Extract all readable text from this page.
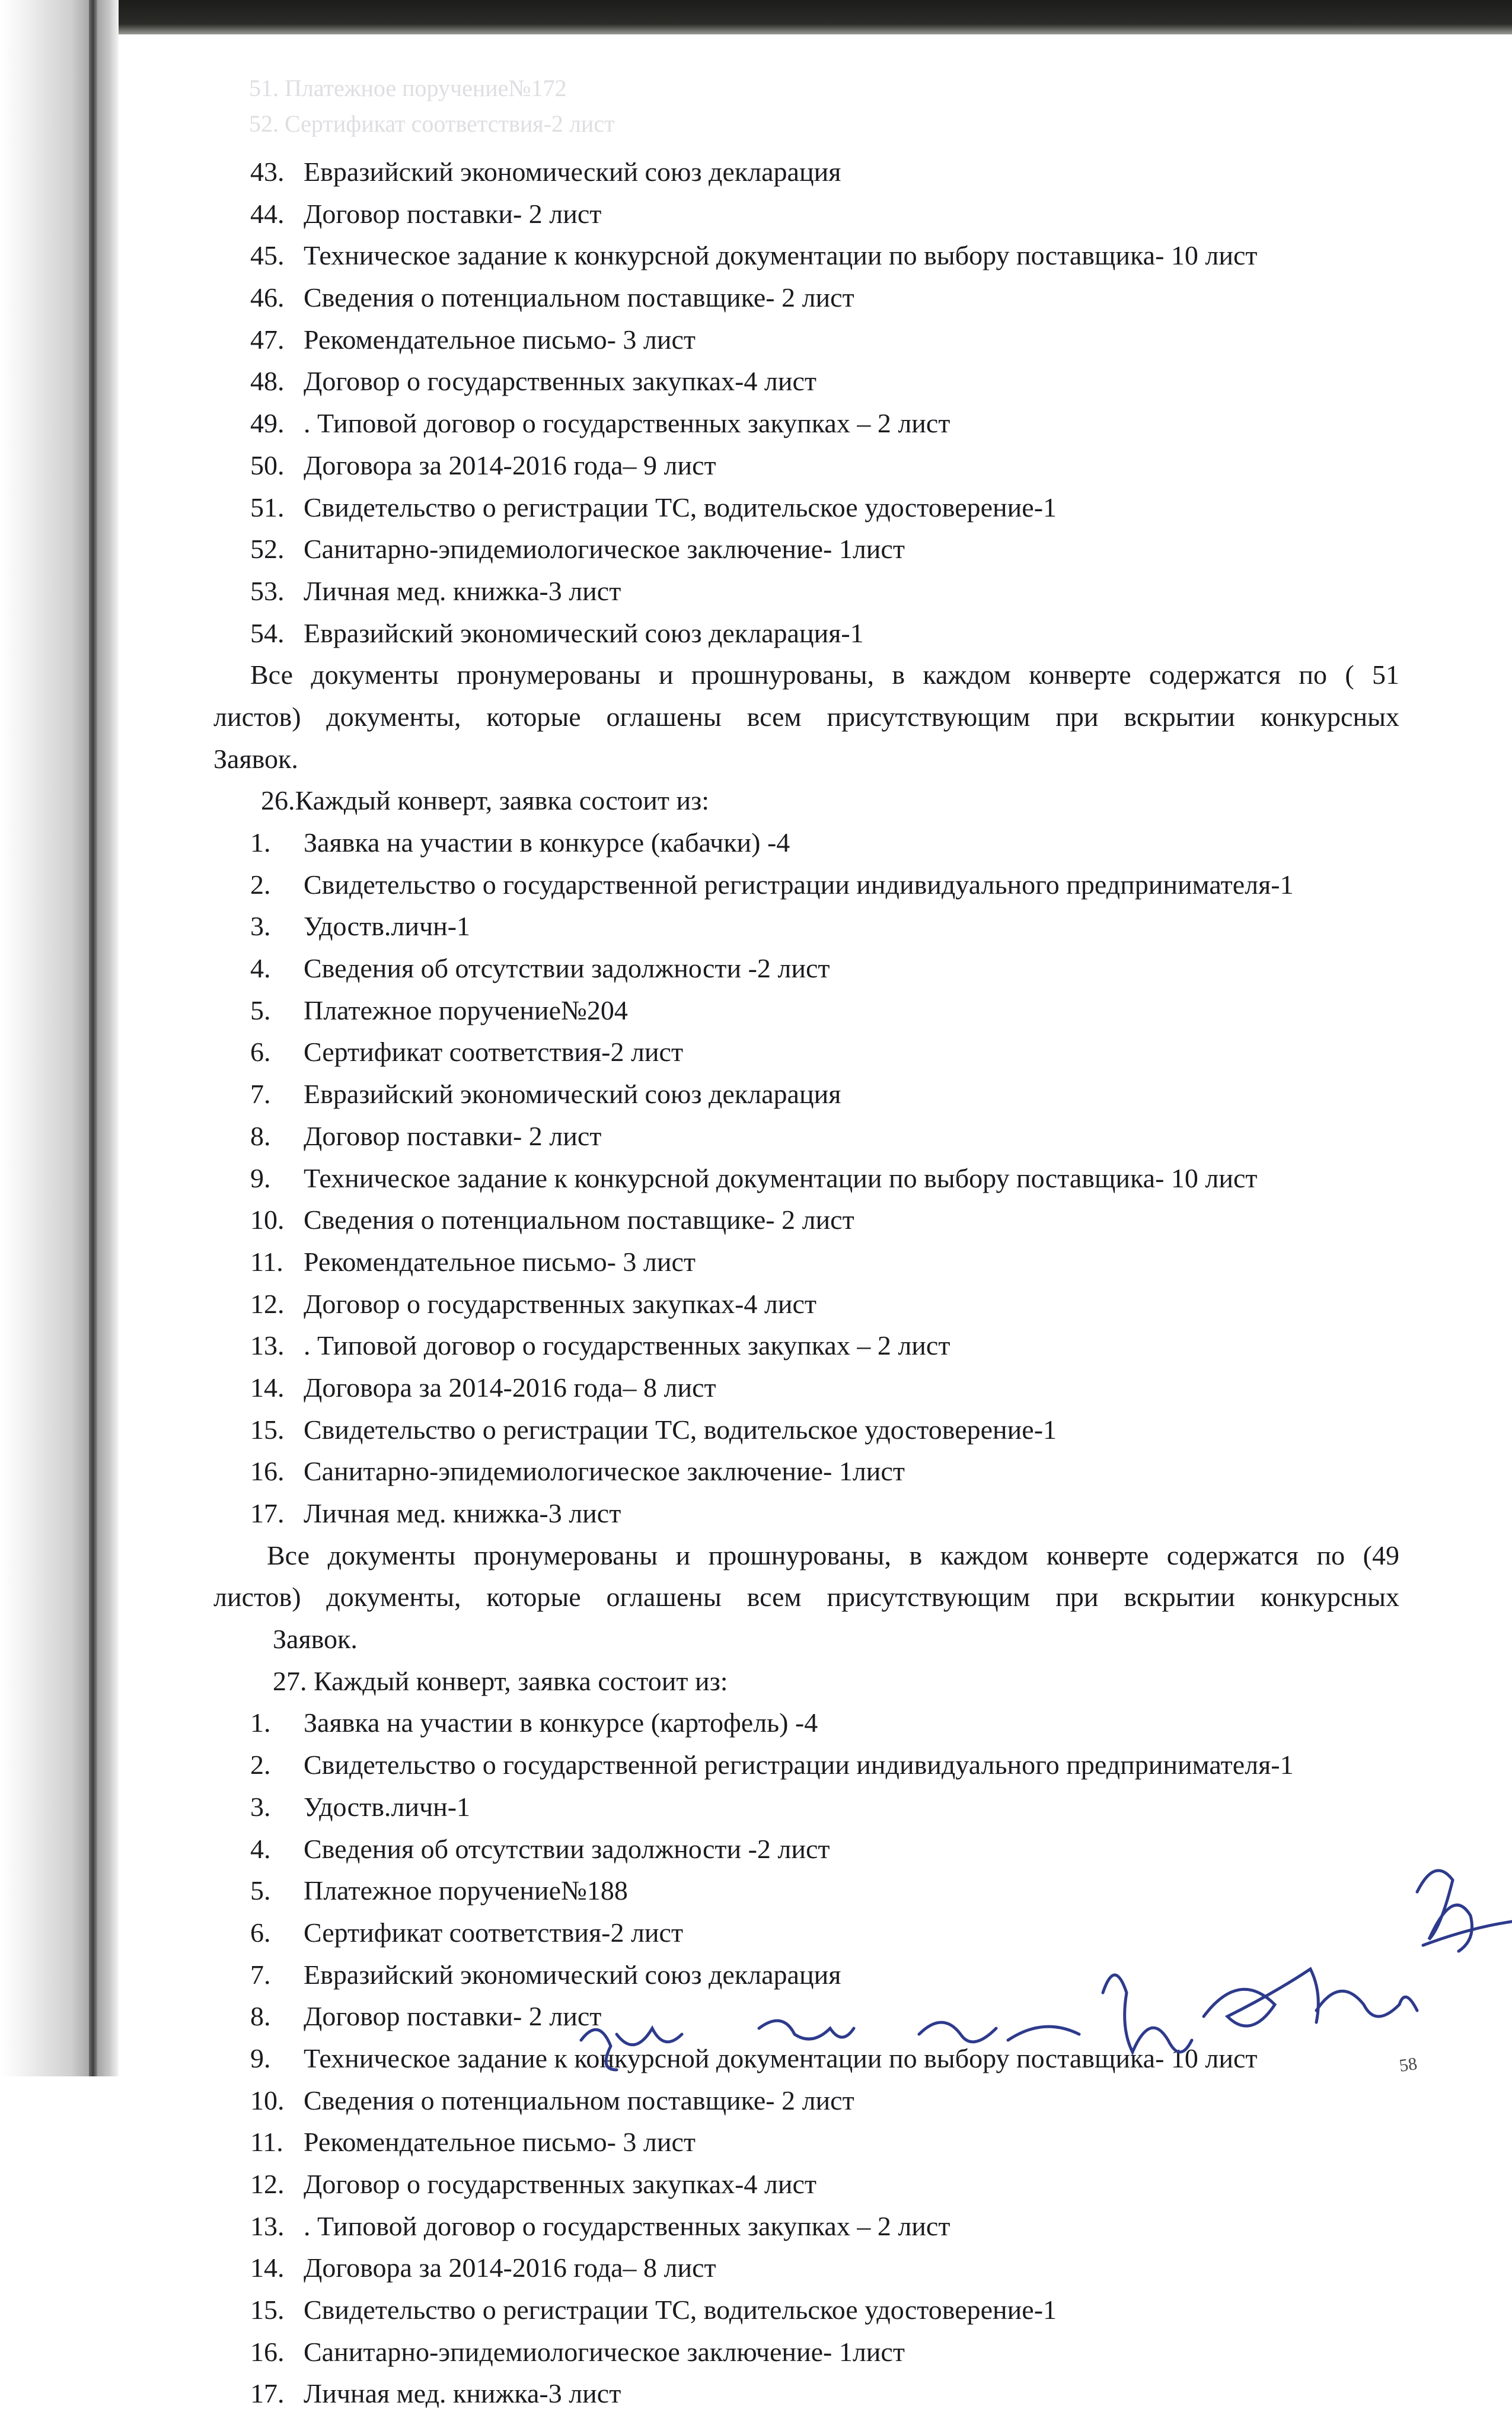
51. Платежное поручение№172
52. Сертификат соответствия-2 лист
43. Евразийский экономический союз декларация
44. Договор поставки- 2 лист
45. Техническое задание к конкурсной документации по выбору поставщика- 10 лист
46. Сведения о потенциальном поставщике- 2 лист
47. Рекомендательное письмо- 3 лист
48. Договор о государственных закупках-4 лист
49. . Типовой договор о государственных закупках – 2 лист
50. Договора за 2014-2016 года– 9 лист
51. Свидетельство о регистрации ТС, водительское удостоверение-1
52. Санитарно-эпидемиологическое заключение- 1лист
53. Личная мед. книжка-3 лист
54. Евразийский экономический союз декларация-1
Все документы пронумерованы и прошнурованы, в каждом конверте содержатся по ( 51
листов) документы, которые оглашены всем присутствующим при вскрытии конкурсных
Заявок.
26.Каждый конверт, заявка состоит из:
1. Заявка на участии в конкурсе (кабачки) -4
2. Свидетельство о государственной регистрации индивидуального предпринимателя-1
3. Удоств.личн-1
4. Сведения об отсутствии задолжности -2 лист
5. Платежное поручение№204
6. Сертификат соответствия-2 лист
7. Евразийский экономический союз декларация
8. Договор поставки- 2 лист
9. Техническое задание к конкурсной документации по выбору поставщика- 10 лист
10. Сведения о потенциальном поставщике- 2 лист
11. Рекомендательное письмо- 3 лист
12. Договор о государственных закупках-4 лист
13. . Типовой договор о государственных закупках – 2 лист
14. Договора за 2014-2016 года– 8 лист
15. Свидетельство о регистрации ТС, водительское удостоверение-1
16. Санитарно-эпидемиологическое заключение- 1лист
17. Личная мед. книжка-3 лист
Все документы пронумерованы и прошнурованы, в каждом конверте содержатся по (49
листов) документы, которые оглашены всем присутствующим при вскрытии конкурсных
Заявок.
27. Каждый конверт, заявка состоит из:
1. Заявка на участии в конкурсе (картофель) -4
2. Свидетельство о государственной регистрации индивидуального предпринимателя-1
3. Удоств.личн-1
4. Сведения об отсутствии задолжности -2 лист
5. Платежное поручение№188
6. Сертификат соответствия-2 лист
7. Евразийский экономический союз декларация
8. Договор поставки- 2 лист
9. Техническое задание к конкурсной документации по выбору поставщика- 10 лист
10. Сведения о потенциальном поставщике- 2 лист
11. Рекомендательное письмо- 3 лист
12. Договор о государственных закупках-4 лист
13. . Типовой договор о государственных закупках – 2 лист
14. Договора за 2014-2016 года– 8 лист
15. Свидетельство о регистрации ТС, водительское удостоверение-1
16. Санитарно-эпидемиологическое заключение- 1лист
17. Личная мед. книжка-3 лист
58
